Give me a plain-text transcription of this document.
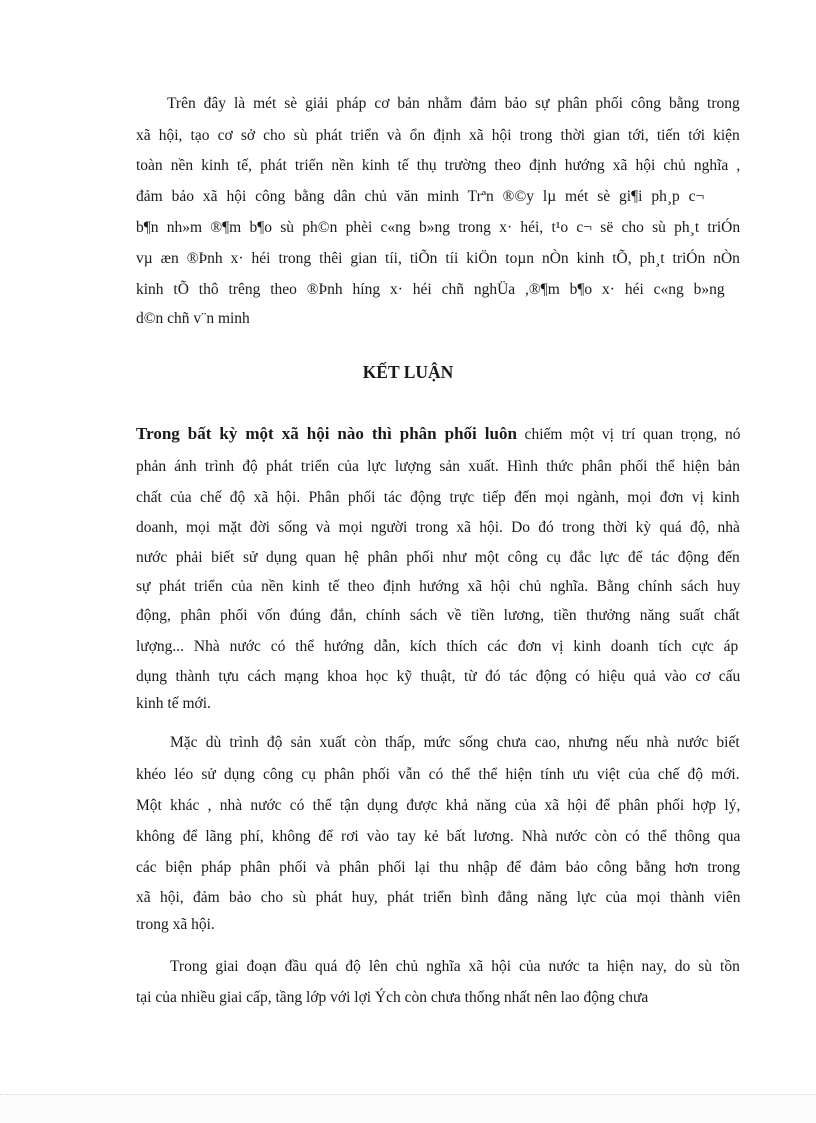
Trên đây là mét sè giải pháp cơ bản nhằm đảm bảo sự phân phối công bằng trong
xã hội, tạo cơ sở cho sù phát triển và ổn định xã hội trong thời gian tới, tiến tới kiện
toàn nền kinh tế, phát triển nền kinh tế thụ trường theo định hướng xã hội chủ nghĩa ,
đảm bảo xã hội công bằng dân chủ văn minh Trªn ®©y lµ mét sè gi¶i ph¸p c¬
b¶n nh»m ®¶m b¶o sù ph©n phèi c«ng b»ng trong x· héi, t¹o c¬ së cho sù ph¸t triÓn
vµ æn ®Þnh x· héi trong thêi gian tíi, tiÕn tíi kiÖn toµn nÒn kinh tÕ, ph¸t triÓn nÒn
kinh tÕ thô trêng theo ®Þnh híng x· héi chñ nghÜa ,®¶m b¶o x· héi c«ng b»ng
d©n chñ v¨n minh
KẾT LUẬN
Trong bất kỳ một xã hội nào thì phân phối luôn chiếm một vị trí quan trọng, nó
phản ánh trình độ phát triển của lực lượng sản xuất. Hình thức phân phối thể hiện bản
chất của chế độ xã hội. Phân phối tác động trực tiếp đến mọi ngành, mọi đơn vị kinh
doanh, mọi mặt đời sống và mọi người trong xã hội. Do đó trong thời kỳ quá độ, nhà
nước phải biết sử dụng quan hệ phân phối như một công cụ đắc lực để tác động đến
sự phát triển của nền kinh tế theo định hướng xã hội chủ nghĩa. Bằng chính sách huy
động, phân phối vốn đúng đắn, chính sách về tiền lương, tiền thưởng năng suất chất
lượng... Nhà nước có thể hướng dẫn, kích thích các đơn vị kinh doanh tích cực áp
dụng thành tựu cách mạng khoa học kỹ thuật, từ đó tác động có hiệu quả vào cơ cấu
kinh tế mới.
Mặc dù trình độ sản xuất còn thấp, mức sống chưa cao, nhưng nếu nhà nước biết
khéo léo sử dụng công cụ phân phối vẫn có thể thể hiện tính ưu việt của chế độ mới.
Một khác , nhà nước có thể tận dụng được khả năng của xã hội để phân phối hợp lý,
không để lãng phí, không để rơi vào tay kẻ bất lương. Nhà nước còn có thể thông qua
các biện pháp phân phối và phân phối lại thu nhập để đảm bảo công bằng hơn trong
xã hội, đảm bảo cho sù phát huy, phát triển bình đẳng năng lực của mọi thành viên
trong xã hội.
Trong giai đoạn đầu quá độ lên chủ nghĩa xã hội của nước ta hiện nay, do sù tồn
tại của nhiều giai cấp, tầng lớp với lợi Ých còn chưa thống nhất nên lao động chưa
